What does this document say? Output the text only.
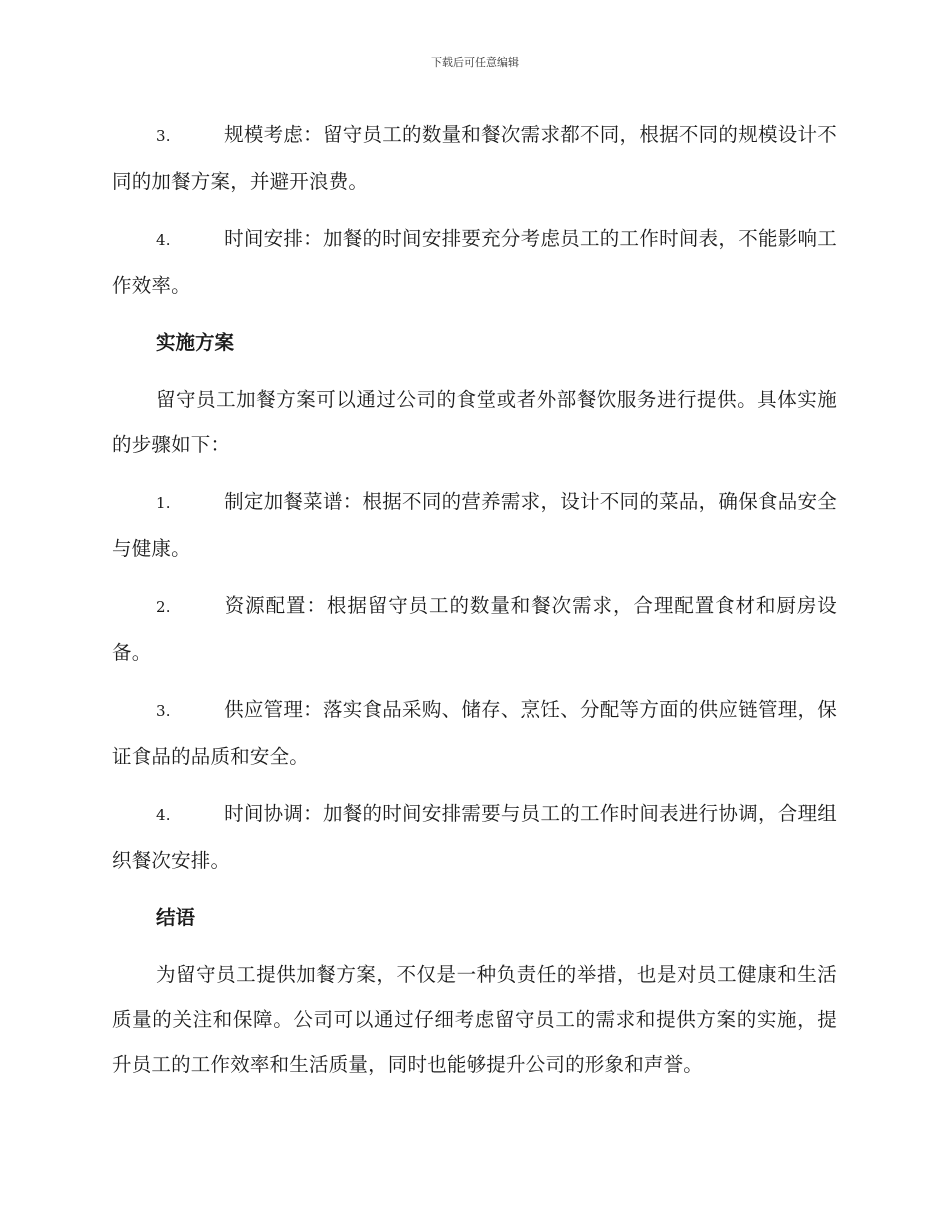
下载后可任意编辑

3.	规模考虑：留守员工的数量和餐次需求都不同，根据不同的规模设计不同的加餐方案，并避开浪费。

4.	时间安排：加餐的时间安排要充分考虑员工的工作时间表，不能影响工作效率。

实施方案

留守员工加餐方案可以通过公司的食堂或者外部餐饮服务进行提供。具体实施的步骤如下：

1.	制定加餐菜谱：根据不同的营养需求，设计不同的菜品，确保食品安全与健康。

2.	资源配置：根据留守员工的数量和餐次需求，合理配置食材和厨房设备。

3.	供应管理：落实食品采购、储存、烹饪、分配等方面的供应链管理，保证食品的品质和安全。

4.	时间协调：加餐的时间安排需要与员工的工作时间表进行协调，合理组织餐次安排。

结语

为留守员工提供加餐方案，不仅是一种负责任的举措，也是对员工健康和生活质量的关注和保障。公司可以通过仔细考虑留守员工的需求和提供方案的实施，提升员工的工作效率和生活质量，同时也能够提升公司的形象和声誉。
